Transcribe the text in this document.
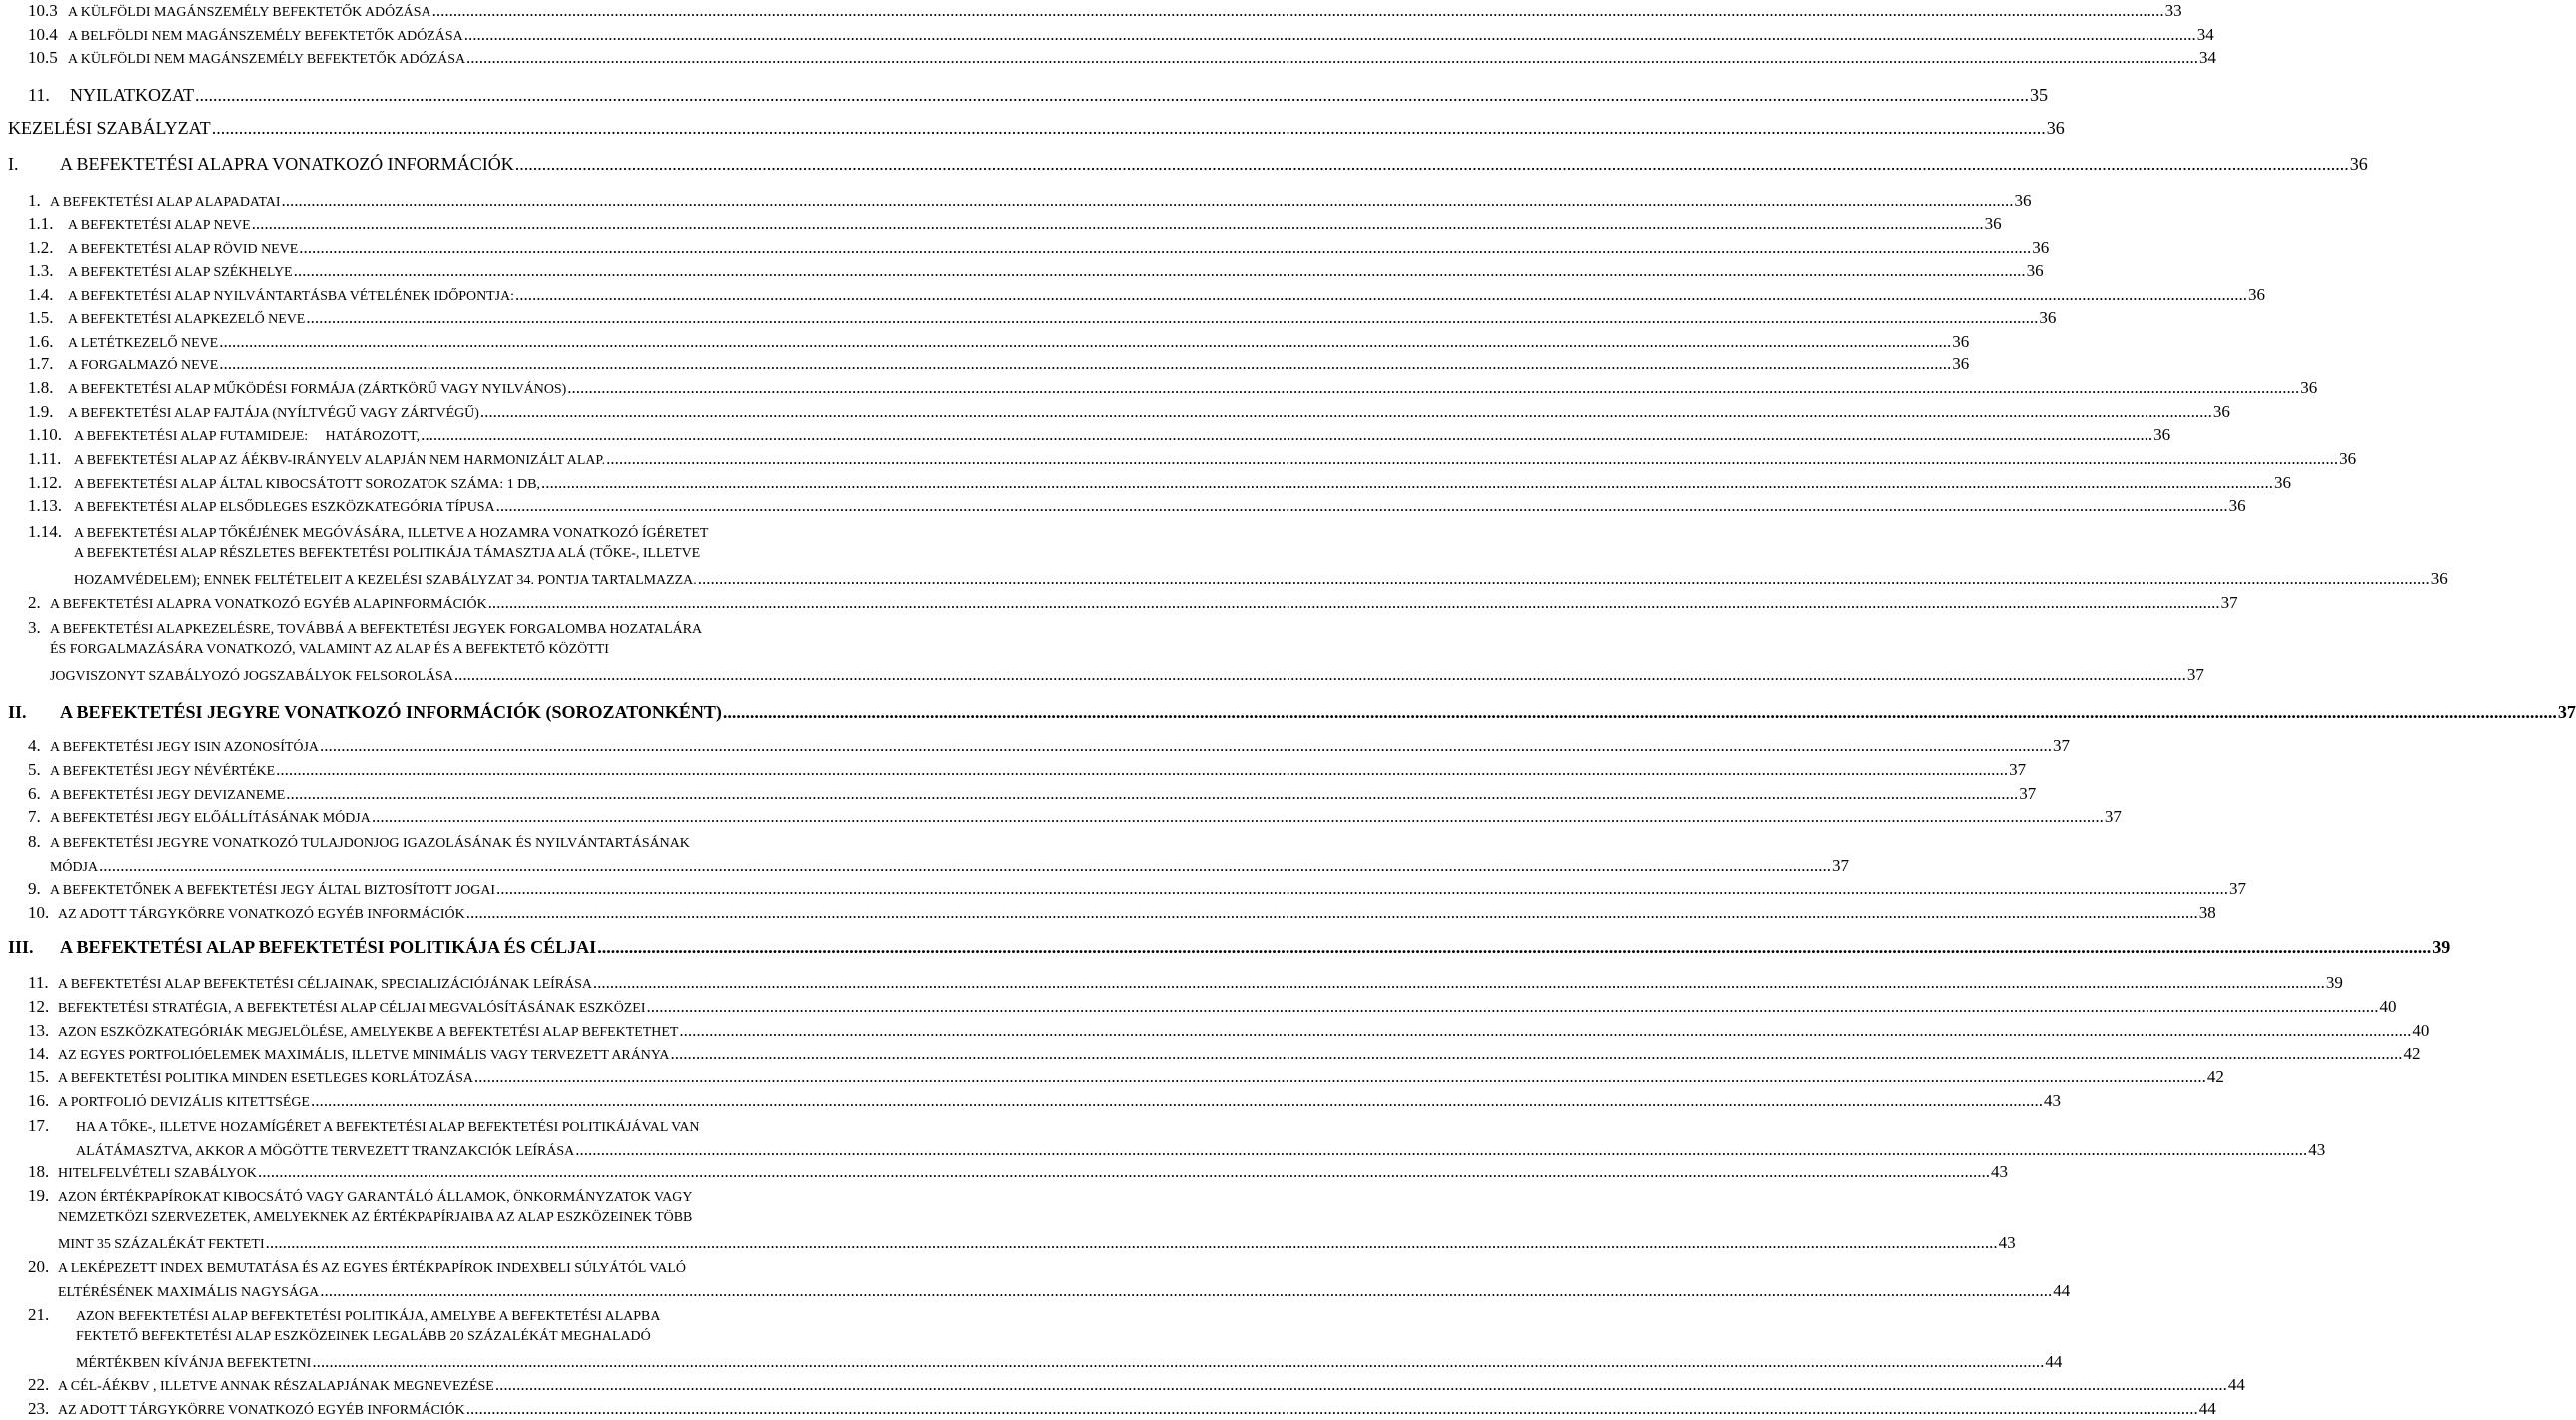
10.3 A KÜLFÖLDI MAGÁNSZEMÉLY BEFEKTETŐK ADÓZÁSA .....	33
10.4 A BELFÖLDI NEM MAGÁNSZEMÉLY BEFEKTETŐK ADÓZÁSA .....	34
10.5 A KÜLFÖLDI NEM MAGÁNSZEMÉLY BEFEKTETŐK ADÓZÁSA .....	34
11.	NYILATKOZAT .....	35
KEZELÉSI SZABÁLYZAT .....	36
I.	A BEFEKTETÉSI ALAPRA VONATKOZÓ INFORMÁCIÓK .....	36
1. A BEFEKTETÉSI ALAP ALAPADATAI .....	36
1.1.	A BEFEKTETÉSI ALAP NEVE .....	36
1.2.	A BEFEKTETÉSI ALAP RÖVID NEVE .....	36
1.3.	A BEFEKTETÉSI ALAP SZÉKHELYE .....	36
1.4.	A BEFEKTETÉSI ALAP NYILVÁNTARTÁSBA VÉTELÉNEK IDŐPONTJA: .....	36
1.5.	A BEFEKTETÉSI ALAPKEZELŐ NEVE .....	36
1.6.	A LETÉTKEZELŐ NEVE .....	36
1.7.	A FORGALMAZÓ NEVE .....	36
1.8.	A BEFEKTETÉSI ALAP MŰKÖDÉSI FORMÁJA (ZÁRTKÖRŰ VAGY NYILVÁNOS) .....	36
1.9.	A BEFEKTETÉSI ALAP FAJTÁJA (NYÍLTVÉGŰ VAGY ZÁRTVÉGŰ) .....	36
1.10. A BEFEKTETÉSI ALAP FUTAMIDEJE:     HATÁROZOTT, .....	36
1.11. A BEFEKTETÉSI ALAP AZ ÁÉKBV-IRÁNYELV ALAPJÁN NEM HARMONIZÁLT ALAP. .....	36
1.12. A BEFEKTETÉSI ALAP ÁLTAL KIBOCSÁTOTT SOROZATOK SZÁMA: 1 DB, .....	36
1.13. A BEFEKTETÉSI ALAP ELSŐDLEGES ESZKÖZKATEGÓRIA TÍPUSA .....	36
1.14. A BEFEKTETÉSI ALAP TŐKÉJÉNEK MEGÓVÁSÁRA, ILLETVE A HOZAMRA VONATKOZÓ ÍGÉRETET
A BEFEKTETÉSI ALAP RÉSZLETES BEFEKTETÉSI POLITIKÁJA TÁMASZTJA ALÁ (TŐKE-, ILLETVE
HOZAMVÉDELEM); ENNEK FELTÉTELEIT A KEZELÉSI SZABÁLYZAT 34. PONTJA TARTALMAZZA. .....	36
2. A BEFEKTETÉSI ALAPRA VONATKOZÓ EGYÉB ALAPINFORMÁCIÓK .....	37
3. A BEFEKTETÉSI ALAPKEZELÉSRE, TOVÁBBÁ A BEFEKTETÉSI JEGYEK FORGALOMBA HOZATALÁRA
ÉS FORGALMAZÁSÁRA VONATKOZÓ, VALAMINT AZ ALAP ÉS A BEFEKTETŐ KÖZÖTTI
JOGVISZONYT SZABÁLYOZÓ JOGSZABÁLYOK FELSOROLÁSA .....	37
II.	A BEFEKTETÉSI JEGYRE VONATKOZÓ INFORMÁCIÓK (SOROZATONKÉNT) .....	37
4. A BEFEKTETÉSI JEGY ISIN AZONOSÍTÓJA .....	37
5. A BEFEKTETÉSI JEGY NÉVÉRTÉKE .....	37
6. A BEFEKTETÉSI JEGY DEVIZANEME .....	37
7. A BEFEKTETÉSI JEGY ELŐÁLLÍTÁSÁNAK MÓDJA .....	37
8. A BEFEKTETÉSI JEGYRE VONATKOZÓ TULAJDONJOG IGAZOLÁSÁNAK ÉS NYILVÁNTARTÁSÁNAK
MÓDJA .....	37
9. A BEFEKTETŐNEK A BEFEKTETÉSI JEGY ÁLTAL BIZTOSÍTOTT JOGAI .....	37
10. AZ ADOTT TÁRGYKÖRRE VONATKOZÓ EGYÉB INFORMÁCIÓK .....	38
III.	A BEFEKTETÉSI ALAP BEFEKTETÉSI POLITIKÁJA ÉS CÉLJAI .....	39
11. A BEFEKTETÉSI ALAP BEFEKTETÉSI CÉLJAINAK, SPECIALIZÁCIÓJÁNAK LEÍRÁSA .....	39
12. BEFEKTETÉSI STRATÉGIA, A BEFEKTETÉSI ALAP CÉLJAI MEGVALÓSÍTÁSÁNAK ESZKÖZEI .....	40
13. AZON ESZKÖZKATEGÓRIÁK MEGJELÖLÉSE, AMELYEKBE A BEFEKTETÉSI ALAP BEFEKTETHET .....	40
14. AZ EGYES PORTFOLIÓELEMEK MAXIMÁLIS, ILLETVE MINIMÁLIS VAGY TERVEZETT ARÁNYA .....	42
15. A BEFEKTETÉSI POLITIKA MINDEN ESETLEGES KORLÁTOZÁSA .....	42
16. A PORTFOLIÓ DEVIZÁLIS KITETTSÉGE .....	43
17.	HA A TŐKE-, ILLETVE HOZAMÍGÉRET A BEFEKTETÉSI ALAP BEFEKTETÉSI POLITIKÁJÁVAL VAN
ALÁTÁMASZTVA, AKKOR A MÖGÖTTE TERVEZETT TRANZAKCIÓK LEÍRÁSA .....	43
18. HITELFELVÉTELI SZABÁLYOK .....	43
19. AZON ÉRTÉKPAPÍROKAT KIBOCSÁTÓ VAGY GARANTÁLÓ ÁLLAMOK, ÖNKORMÁNYZATOK VAGY
NEMZETKÖZI SZERVEZETEK, AMELYEKNEK AZ ÉRTÉKPAPÍRJAIBA AZ ALAP ESZKÖZEINEK TÖBB
MINT 35 SZÁZALÉKÁT FEKTETI .....	43
20. A LEKÉPEZETT INDEX BEMUTATÁSA ÉS AZ EGYES ÉRTÉKPAPÍROK INDEXBELI SÚLYÁTÓL VALÓ
ELTÉRÉSÉNEK MAXIMÁLIS NAGYSÁGA .....	44
21.	AZON BEFEKTETÉSI ALAP BEFEKTETÉSI POLITIKÁJA, AMELYBE A BEFEKTETÉSI ALAPBA
FEKTETŐ BEFEKTETÉSI ALAP ESZKÖZEINEK LEGALÁBB 20 SZÁZALÉKÁT MEGHALADÓ
MÉRTÉKBEN KÍVÁNJA BEFEKTETNI .....	44
22. A CÉL-ÁÉKBV , ILLETVE ANNAK RÉSZALAPJÁNAK MEGNEVEZÉSE .....	44
23. AZ ADOTT TÁRGYKÖRRE VONATKOZÓ EGYÉB INFORMÁCIÓK .....	44
